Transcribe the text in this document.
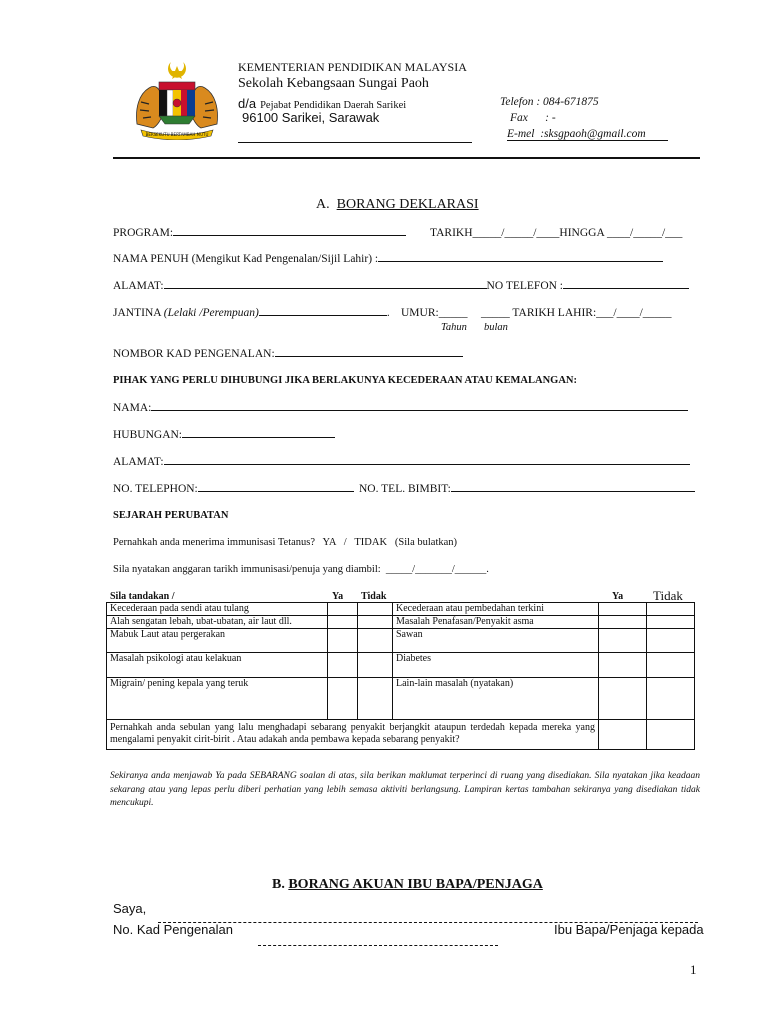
BERSEKUTU BERTAMBAH MUTU
KEMENTERIAN PENDIDIKAN MALAYSIA
Sekolah Kebangsaan Sungai Paoh
d/a Pejabat Pendidikan Daerah Sarikei
96100 Sarikei, Sarawak
Telefon : 084-671875
Fax      : -
E-mel  :sksgpaoh@gmail.com
A. BORANG DEKLARASI
PROGRAM:	TARIKH_____/_____/____HINGGA ____/_____/___
NAMA PENUH (Mengikut Kad Pengenalan/Sijil Lahir) :
ALAMAT:	NO TELEFON :
JANTINA (Lelaki /Perempuan)	. UMUR:_____ _____ TARIKH LAHIR:___/____/_____
Tahun bulan
NOMBOR KAD PENGENALAN:
PIHAK YANG PERLU DIHUBUNGI JIKA BERLAKUNYA KECEDERAAN ATAU KEMALANGAN:
NAMA:
HUBUNGAN:
ALAMAT:
NO. TELEPHON:	NO. TEL. BIMBIT:
SEJARAH PERUBATAN
Pernahkah anda menerima immunisasi Tetanus?   YA   /   TIDAK   (Sila bulatkan)
Sila nyatakan anggaran tarikh immunisasi/penuja yang diambil:  _____/_______/______.
Sila tandakan /	Ya Tidak	Ya Tidak
Kecederaan pada sendi atau tulang			Kecederaan atau pembedahan terkini		
Alah sengatan lebah, ubat-ubatan, air laut dll.			Masalah Penafasan/Penyakit asma		
Mabuk Laut atau pergerakan			Sawan		
Masalah psikologi atau kelakuan			Diabetes		
Migrain/ pening kepala yang teruk			Lain-lain masalah (nyatakan)		
Pernahkah anda sebulan yang lalu menghadapi sebarang penyakit berjangkit ataupun terdedah kepada mereka yang mengalami penyakit cirit-birit . Atau adakah anda pembawa kepada sebarang penyakit?					
Sekiranya anda menjawab Ya pada SEBARANG soalan di atas, sila berikan maklumat terperinci di ruang yang disediakan. Sila nyatakan jika keadaan sekarang atau yang lepas perlu diberi perhatian yang lebih semasa aktiviti berlangsung. Lampiran kertas tambahan sekiranya yang disediakan tidak mencukupi.
B. BORANG AKUAN IBU BAPA/PENJAGA
Saya,
No. Kad Pengenalan	Ibu Bapa/Penjaga kepada
1
